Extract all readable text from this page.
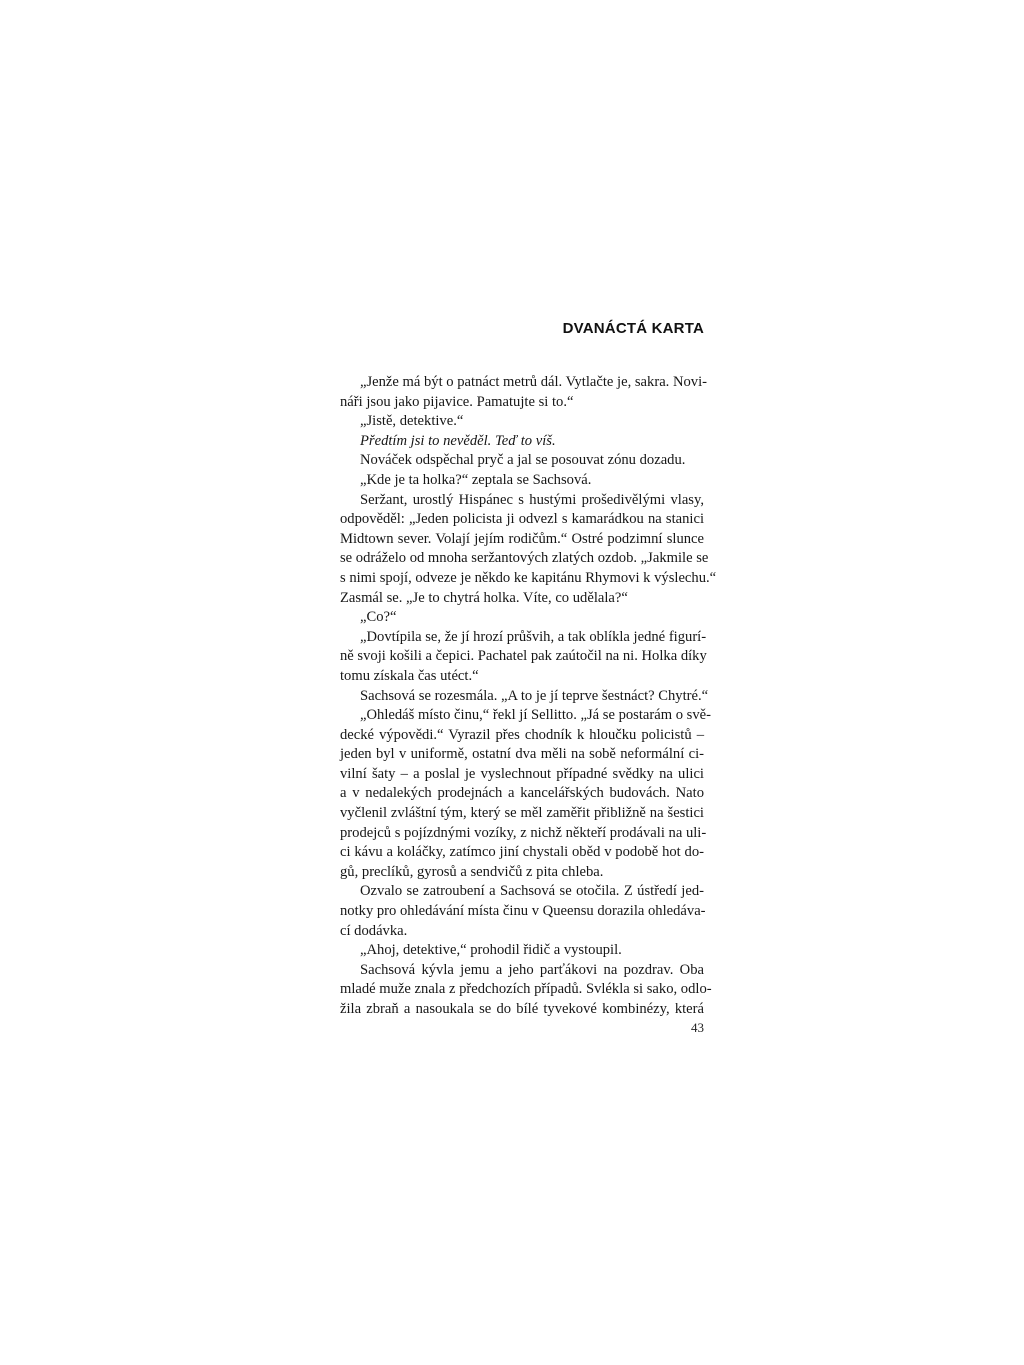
DVANÁCTÁ KARTA
„Jenže má být o patnáct metrů dál. Vytlačte je, sakra. Novi-
náři jsou jako pijavice. Pamatujte si to.“
„Jistě, detektive.“
Předtím jsi to nevěděl. Teď to víš.
Nováček odspěchal pryč a jal se posouvat zónu dozadu.
„Kde je ta holka?“ zeptala se Sachsová.
Seržant, urostlý Hispánec s hustými prošedivělými vlasy,
odpověděl: „Jeden policista ji odvezl s kamarádkou na stanici
Midtown sever. Volají jejím rodičům.“ Ostré podzimní slunce
se odráželo od mnoha seržantových zlatých ozdob. „Jakmile se
s nimi spojí, odveze je někdo ke kapitánu Rhymovi k výslechu.“
Zasmál se. „Je to chytrá holka. Víte, co udělala?“
„Co?“
„Dovtípila se, že jí hrozí průšvih, a tak oblíkla jedné figurí-
ně svoji košili a čepici. Pachatel pak zaútočil na ni. Holka díky
tomu získala čas utéct.“
Sachsová se rozesmála. „A to je jí teprve šestnáct? Chytré.“
„Ohledáš místo činu,“ řekl jí Sellitto. „Já se postarám o svě-
decké výpovědi.“ Vyrazil přes chodník k hloučku policistů –
jeden byl v uniformě, ostatní dva měli na sobě neformální ci-
vilní šaty – a poslal je vyslechnout případné svědky na ulici
a v nedalekých prodejnách a kancelářských budovách. Nato
vyčlenil zvláštní tým, který se měl zaměřit přibližně na šestici
prodejců s pojízdnými vozíky, z nichž někteří prodávali na uli-
ci kávu a koláčky, zatímco jiní chystali oběd v podobě hot do-
gů, preclíků, gyrosů a sendvičů z pita chleba.
Ozvalo se zatroubení a Sachsová se otočila. Z ústředí jed-
notky pro ohledávání místa činu v Queensu dorazila ohledáva-
cí dodávka.
„Ahoj, detektive,“ prohodil řidič a vystoupil.
Sachsová kývla jemu a jeho parťákovi na pozdrav. Oba
mladé muže znala z předchozích případů. Svlékla si sako, odlo-
žila zbraň a nasoukala se do bílé tyvekové kombinézy, která
43
